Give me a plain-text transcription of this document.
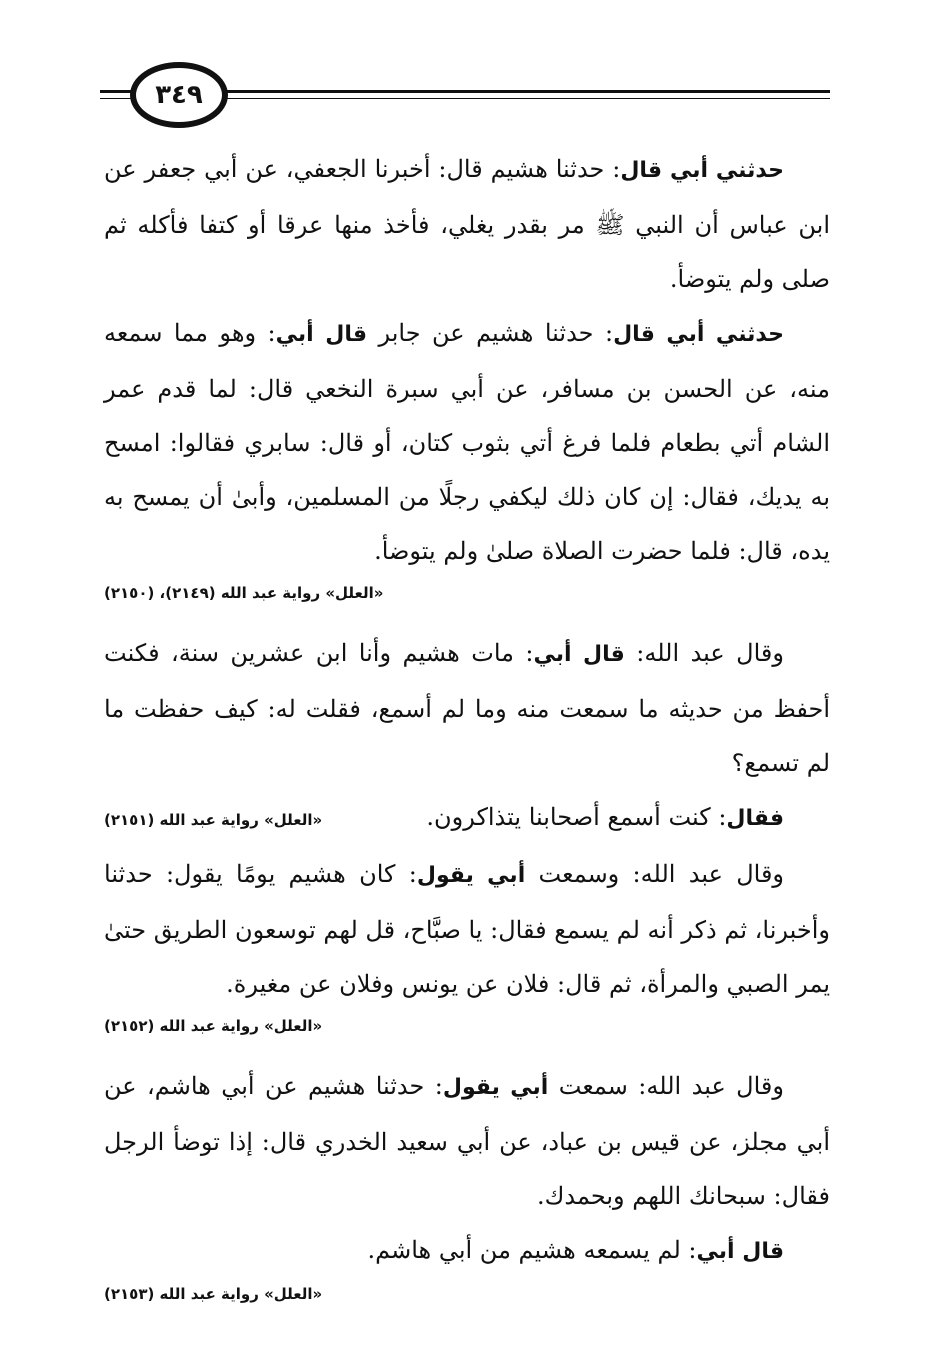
٣٤٩

حدثني أبي قال: حدثنا هشيم قال: أخبرنا الجعفي، عن أبي جعفر عن ابن عباس أن النبي ﷺ مر بقدر يغلي، فأخذ منها عرقا أو كتفا فأكله ثم صلى ولم يتوضأ.

حدثني أبي قال: حدثنا هشيم عن جابر قال أبي: وهو مما سمعه منه، عن الحسن بن مسافر، عن أبي سبرة النخعي قال: لما قدم عمر الشام أتي بطعام فلما فرغ أتي بثوب كتان، أو قال: سابري فقالوا: امسح به يديك، فقال: إن كان ذلك ليكفي رجلًا من المسلمين، وأبىٰ أن يمسح به يده، قال: فلما حضرت الصلاة صلىٰ ولم يتوضأ.

«العلل» رواية عبد الله (٢١٤٩)، (٢١٥٠)

وقال عبد الله: قال أبي: مات هشيم وأنا ابن عشرين سنة، فكنت أحفظ من حديثه ما سمعت منه وما لم أسمع، فقلت له: كيف حفظت ما لم تسمع؟

فقال: كنت أسمع أصحابنا يتذاكرون.

«العلل» رواية عبد الله (٢١٥١)

وقال عبد الله: وسمعت أبي يقول: كان هشيم يومًا يقول: حدثنا وأخبرنا، ثم ذكر أنه لم يسمع فقال: يا صبَّاح، قل لهم توسعون الطريق حتىٰ يمر الصبي والمرأة، ثم قال: فلان عن يونس وفلان عن مغيرة.

«العلل» رواية عبد الله (٢١٥٢)

وقال عبد الله: سمعت أبي يقول: حدثنا هشيم عن أبي هاشم، عن أبي مجلز، عن قيس بن عباد، عن أبي سعيد الخدري قال: إذا توضأ الرجل فقال: سبحانك اللهم وبحمدك.

قال أبي: لم يسمعه هشيم من أبي هاشم.

«العلل» رواية عبد الله (٢١٥٣)
